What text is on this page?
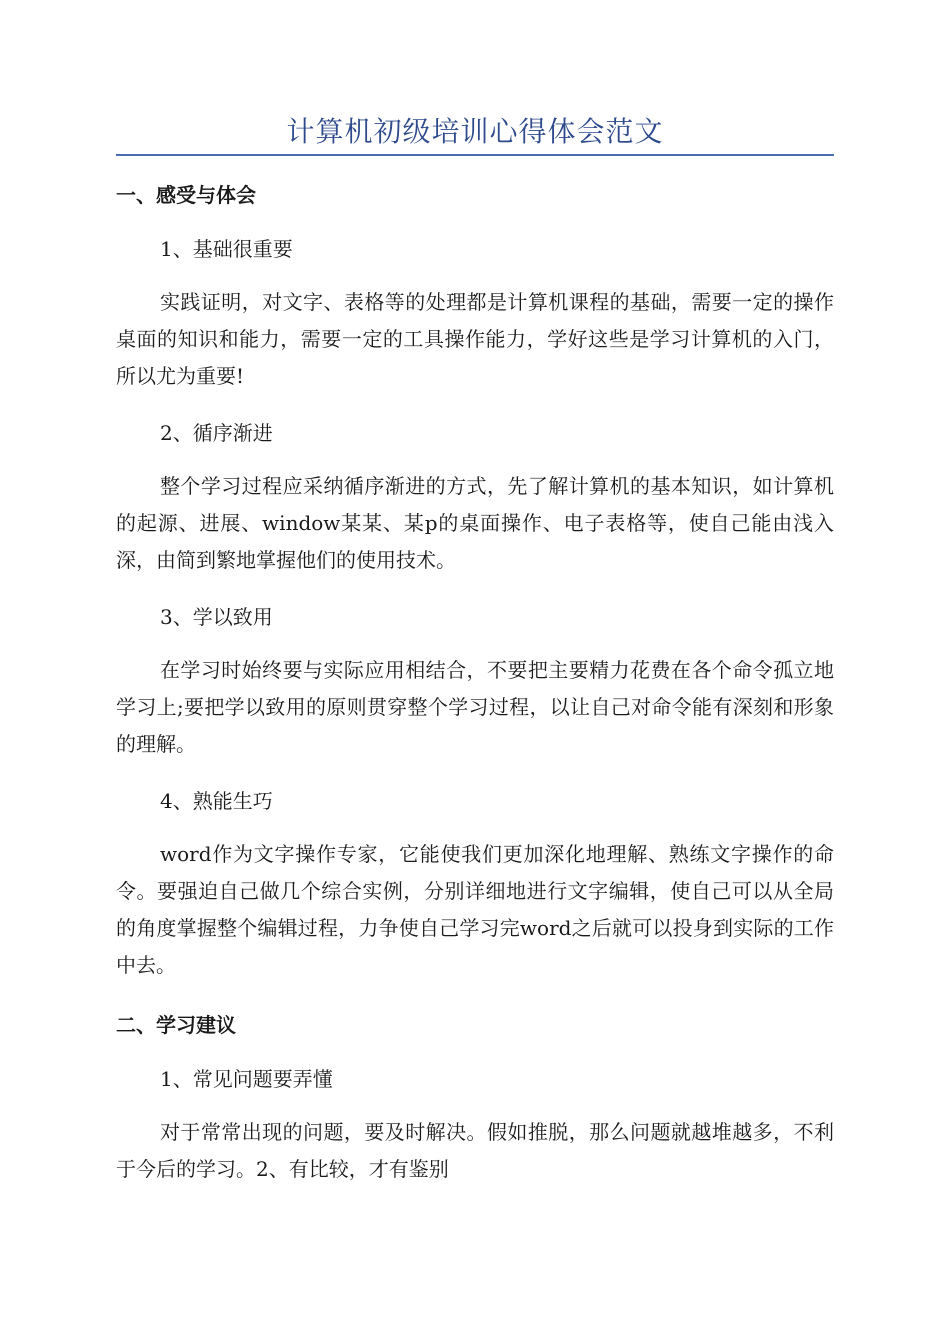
计算机初级培训心得体会范文
一、感受与体会
1、基础很重要
实践证明，对文字、表格等的处理都是计算机课程的基础，需要一定的操作桌面的知识和能力，需要一定的工具操作能力，学好这些是学习计算机的入门，所以尤为重要!
2、循序渐进
整个学习过程应采纳循序渐进的方式，先了解计算机的基本知识，如计算机的起源、进展、window某某、某p的桌面操作、电子表格等，使自己能由浅入深，由简到繁地掌握他们的使用技术。
3、学以致用
在学习时始终要与实际应用相结合，不要把主要精力花费在各个命令孤立地学习上;要把学以致用的原则贯穿整个学习过程，以让自己对命令能有深刻和形象的理解。
4、熟能生巧
word作为文字操作专家，它能使我们更加深化地理解、熟练文字操作的命令。要强迫自己做几个综合实例，分别详细地进行文字编辑，使自己可以从全局的角度掌握整个编辑过程，力争使自己学习完word之后就可以投身到实际的工作中去。
二、学习建议
1、常见问题要弄懂
对于常常出现的问题，要及时解决。假如推脱，那么问题就越堆越多，不利于今后的学习。2、有比较，才有鉴别
